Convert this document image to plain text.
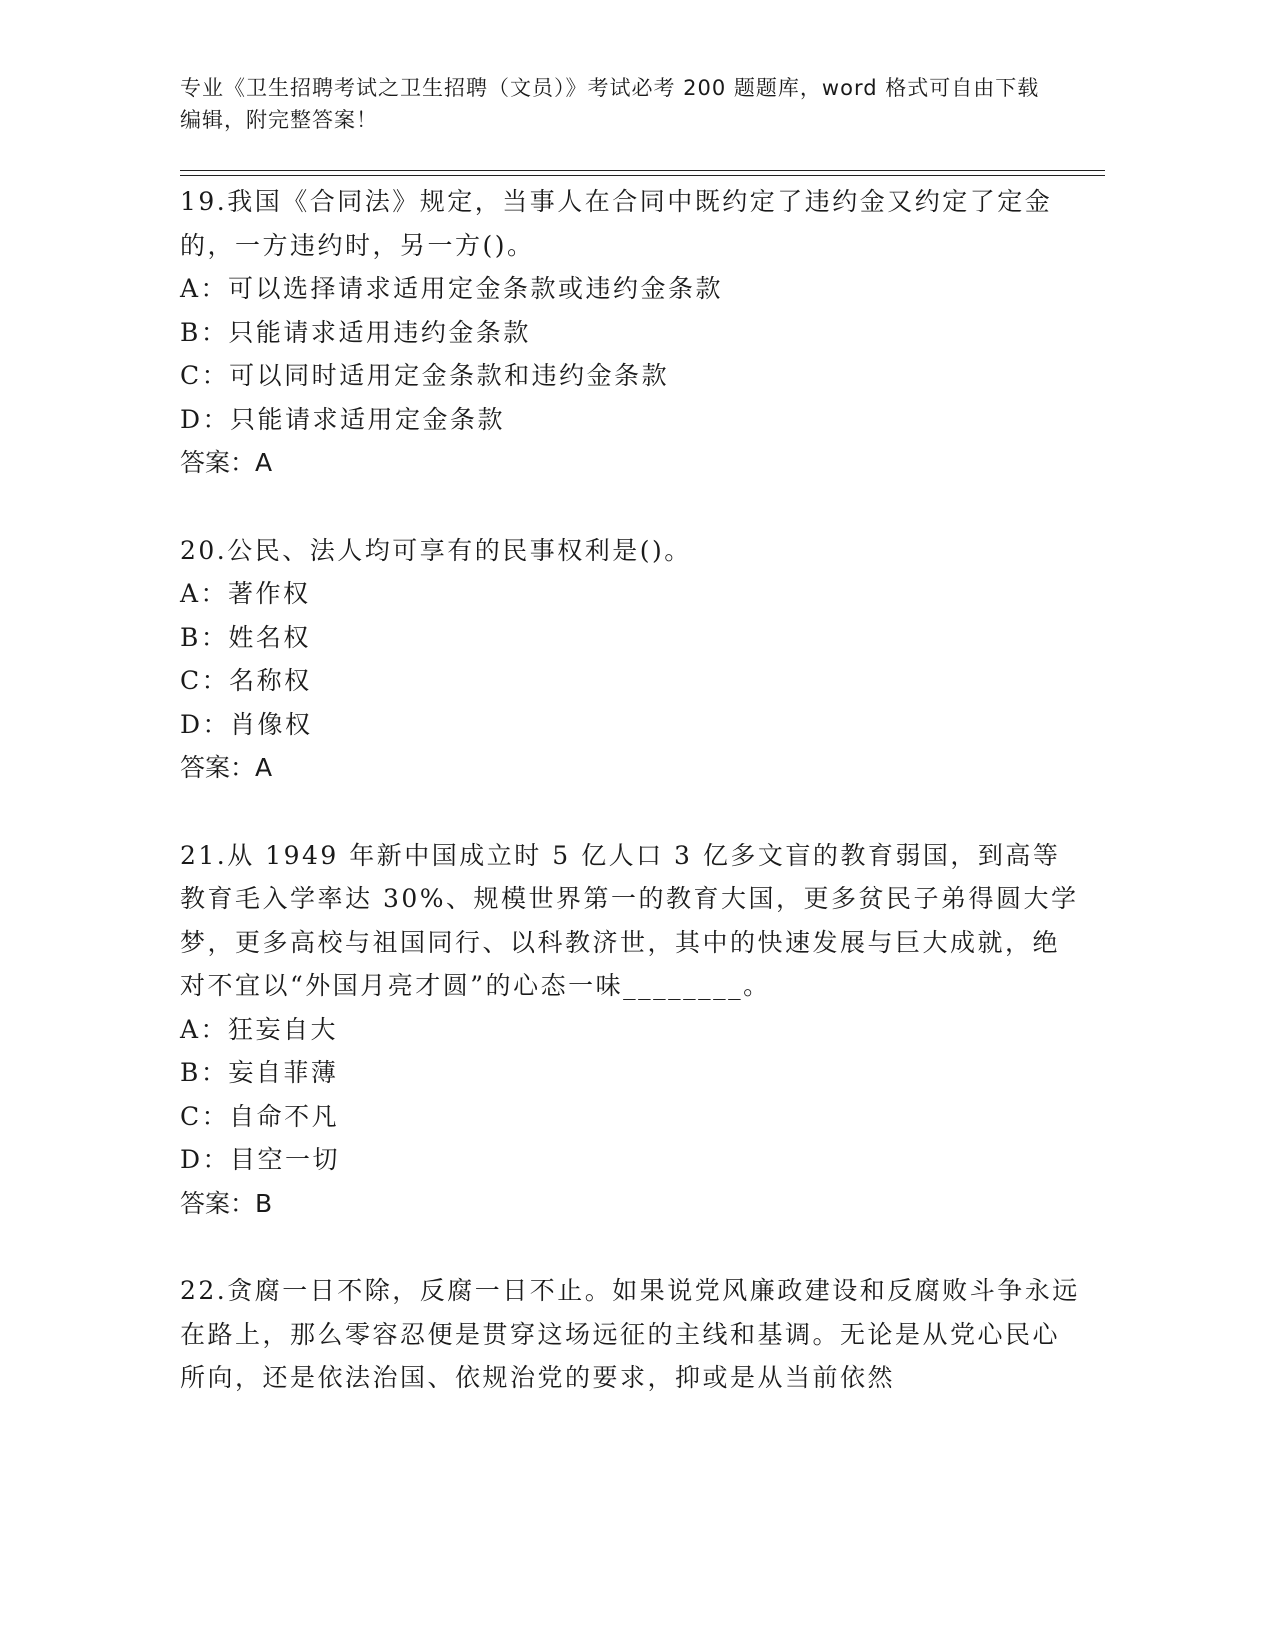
专业《卫生招聘考试之卫生招聘（文员）》考试必考 200 题题库，word 格式可自由下载编辑，附完整答案！

19.我国《合同法》规定，当事人在合同中既约定了违约金又约定了定金的，一方违约时，另一方()。

A：可以选择请求适用定金条款或违约金条款

B：只能请求适用违约金条款

C：可以同时适用定金条款和违约金条款

D：只能请求适用定金条款

答案：A

20.公民、法人均可享有的民事权利是()。

A：著作权

B：姓名权

C：名称权

D：肖像权

答案：A

21.从 1949 年新中国成立时 5 亿人口 3 亿多文盲的教育弱国，到高等教育毛入学率达 30%、规模世界第一的教育大国，更多贫民子弟得圆大学梦，更多高校与祖国同行、以科教济世，其中的快速发展与巨大成就，绝对不宜以“外国月亮才圆”的心态一味________。

A：狂妄自大

B：妄自菲薄

C：自命不凡

D：目空一切

答案：B

22.贪腐一日不除，反腐一日不止。如果说党风廉政建设和反腐败斗争永远在路上，那么零容忍便是贯穿这场远征的主线和基调。无论是从党心民心所向，还是依法治国、依规治党的要求，抑或是从当前依然
